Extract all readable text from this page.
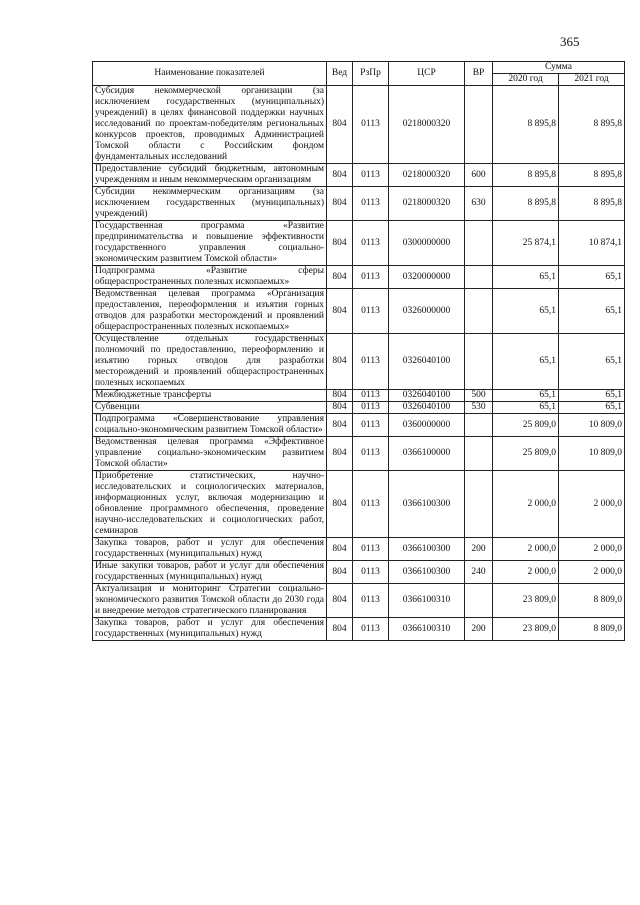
365
Наименование показателей	Вед	РзПр	ЦСР	ВР	Сумма	
					2020 год	2021 год
Субсидия некоммерческой организации (за исключением государственных (муниципальных) учреждений) в целях финансовой поддержки научных исследований по проектам-победителям региональных конкурсов проектов, проводимых Администрацией Томской области с Российским фондом фундаментальных исследований	804	0113	0218000320		8 895,8	8 895,8
Предоставление субсидий бюджетным, автономным учреждениям и иным некоммерческим организациям	804	0113	0218000320	600	8 895,8	8 895,8
Субсидии некоммерческим организациям (за исключением государственных (муниципальных) учреждений)	804	0113	0218000320	630	8 895,8	8 895,8
Государственная программа «Развитие предпринимательства и повышение эффективности государственного управления социально-экономическим развитием Томской области»	804	0113	0300000000		25 874,1	10 874,1
Подпрограмма «Развитие сферы общераспространенных полезных ископаемых»	804	0113	0320000000		65,1	65,1
Ведомственная целевая программа «Организация предоставления, переоформления и изъятия горных отводов для разработки месторождений и проявлений общераспространенных полезных ископаемых»	804	0113	0326000000		65,1	65,1
Осуществление отдельных государственных полномочий по предоставлению, переоформлению и изъятию горных отводов для разработки месторождений и проявлений общераспространенных полезных ископаемых	804	0113	0326040100		65,1	65,1
Межбюджетные трансферты	804	0113	0326040100	500	65,1	65,1
Субвенции	804	0113	0326040100	530	65,1	65,1
Подпрограмма «Совершенствование управления социально-экономическим развитием Томской области»	804	0113	0360000000		25 809,0	10 809,0
Ведомственная целевая программа «Эффективное управление социально-экономическим развитием Томской области»	804	0113	0366100000		25 809,0	10 809,0
Приобретение статистических, научно-исследовательских и социологических материалов, информационных услуг, включая модернизацию и обновление программного обеспечения, проведение научно-исследовательских и социологических работ, семинаров	804	0113	0366100300		2 000,0	2 000,0
Закупка товаров, работ и услуг для обеспечения государственных (муниципальных) нужд	804	0113	0366100300	200	2 000,0	2 000,0
Иные закупки товаров, работ и услуг для обеспечения государственных (муниципальных) нужд	804	0113	0366100300	240	2 000,0	2 000,0
Актуализация и мониторинг Стратегии социально-экономического развития Томской области до 2030 года и внедрение методов стратегического планирования	804	0113	0366100310		23 809,0	8 809,0
Закупка товаров, работ и услуг для обеспечения государственных (муниципальных) нужд	804	0113	0366100310	200	23 809,0	8 809,0
